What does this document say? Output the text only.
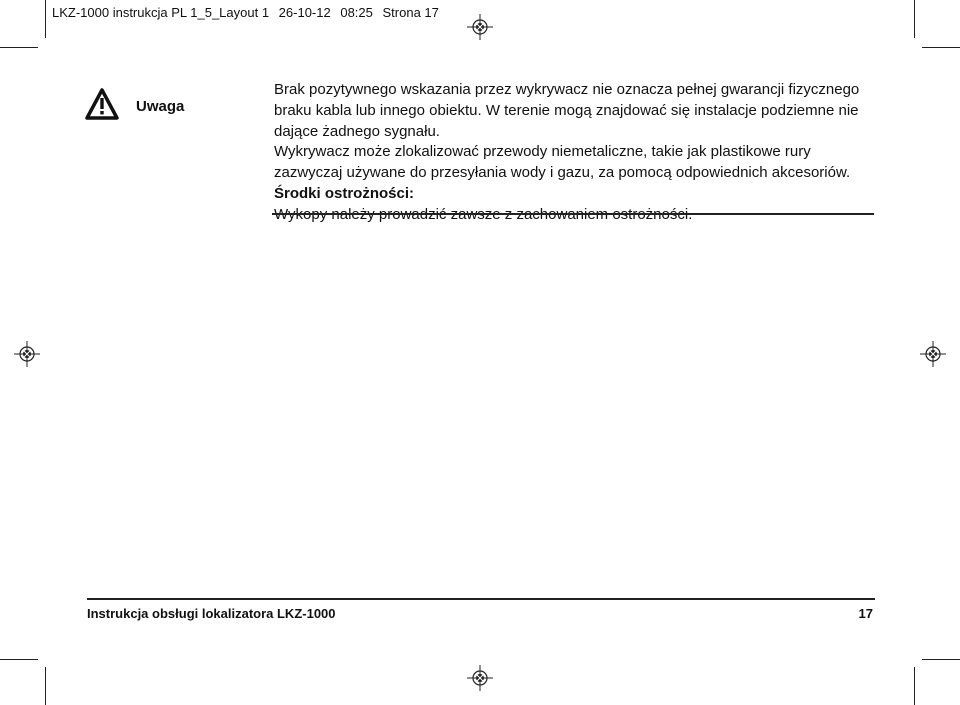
LKZ-1000 instrukcja PL 1_5_Layout 1 26-10-12 08:25 Strona 17
Uwaga

Brak pozytywnego wskazania przez wykrywacz nie oznacza pełnej gwarancji fizycznego braku kabla lub innego obiektu. W terenie mogą znajdować się instalacje podziemne nie dające żadnego sygnału.

Wykrywacz może zlokalizować przewody niemetaliczne, takie jak plastikowe rury zazwyczaj używane do przesyłania wody i gazu, za pomocą odpowiednich akcesoriów.

Środki ostrożności:

Instrukcja obsługi lokalizatora LKZ-1000	17
